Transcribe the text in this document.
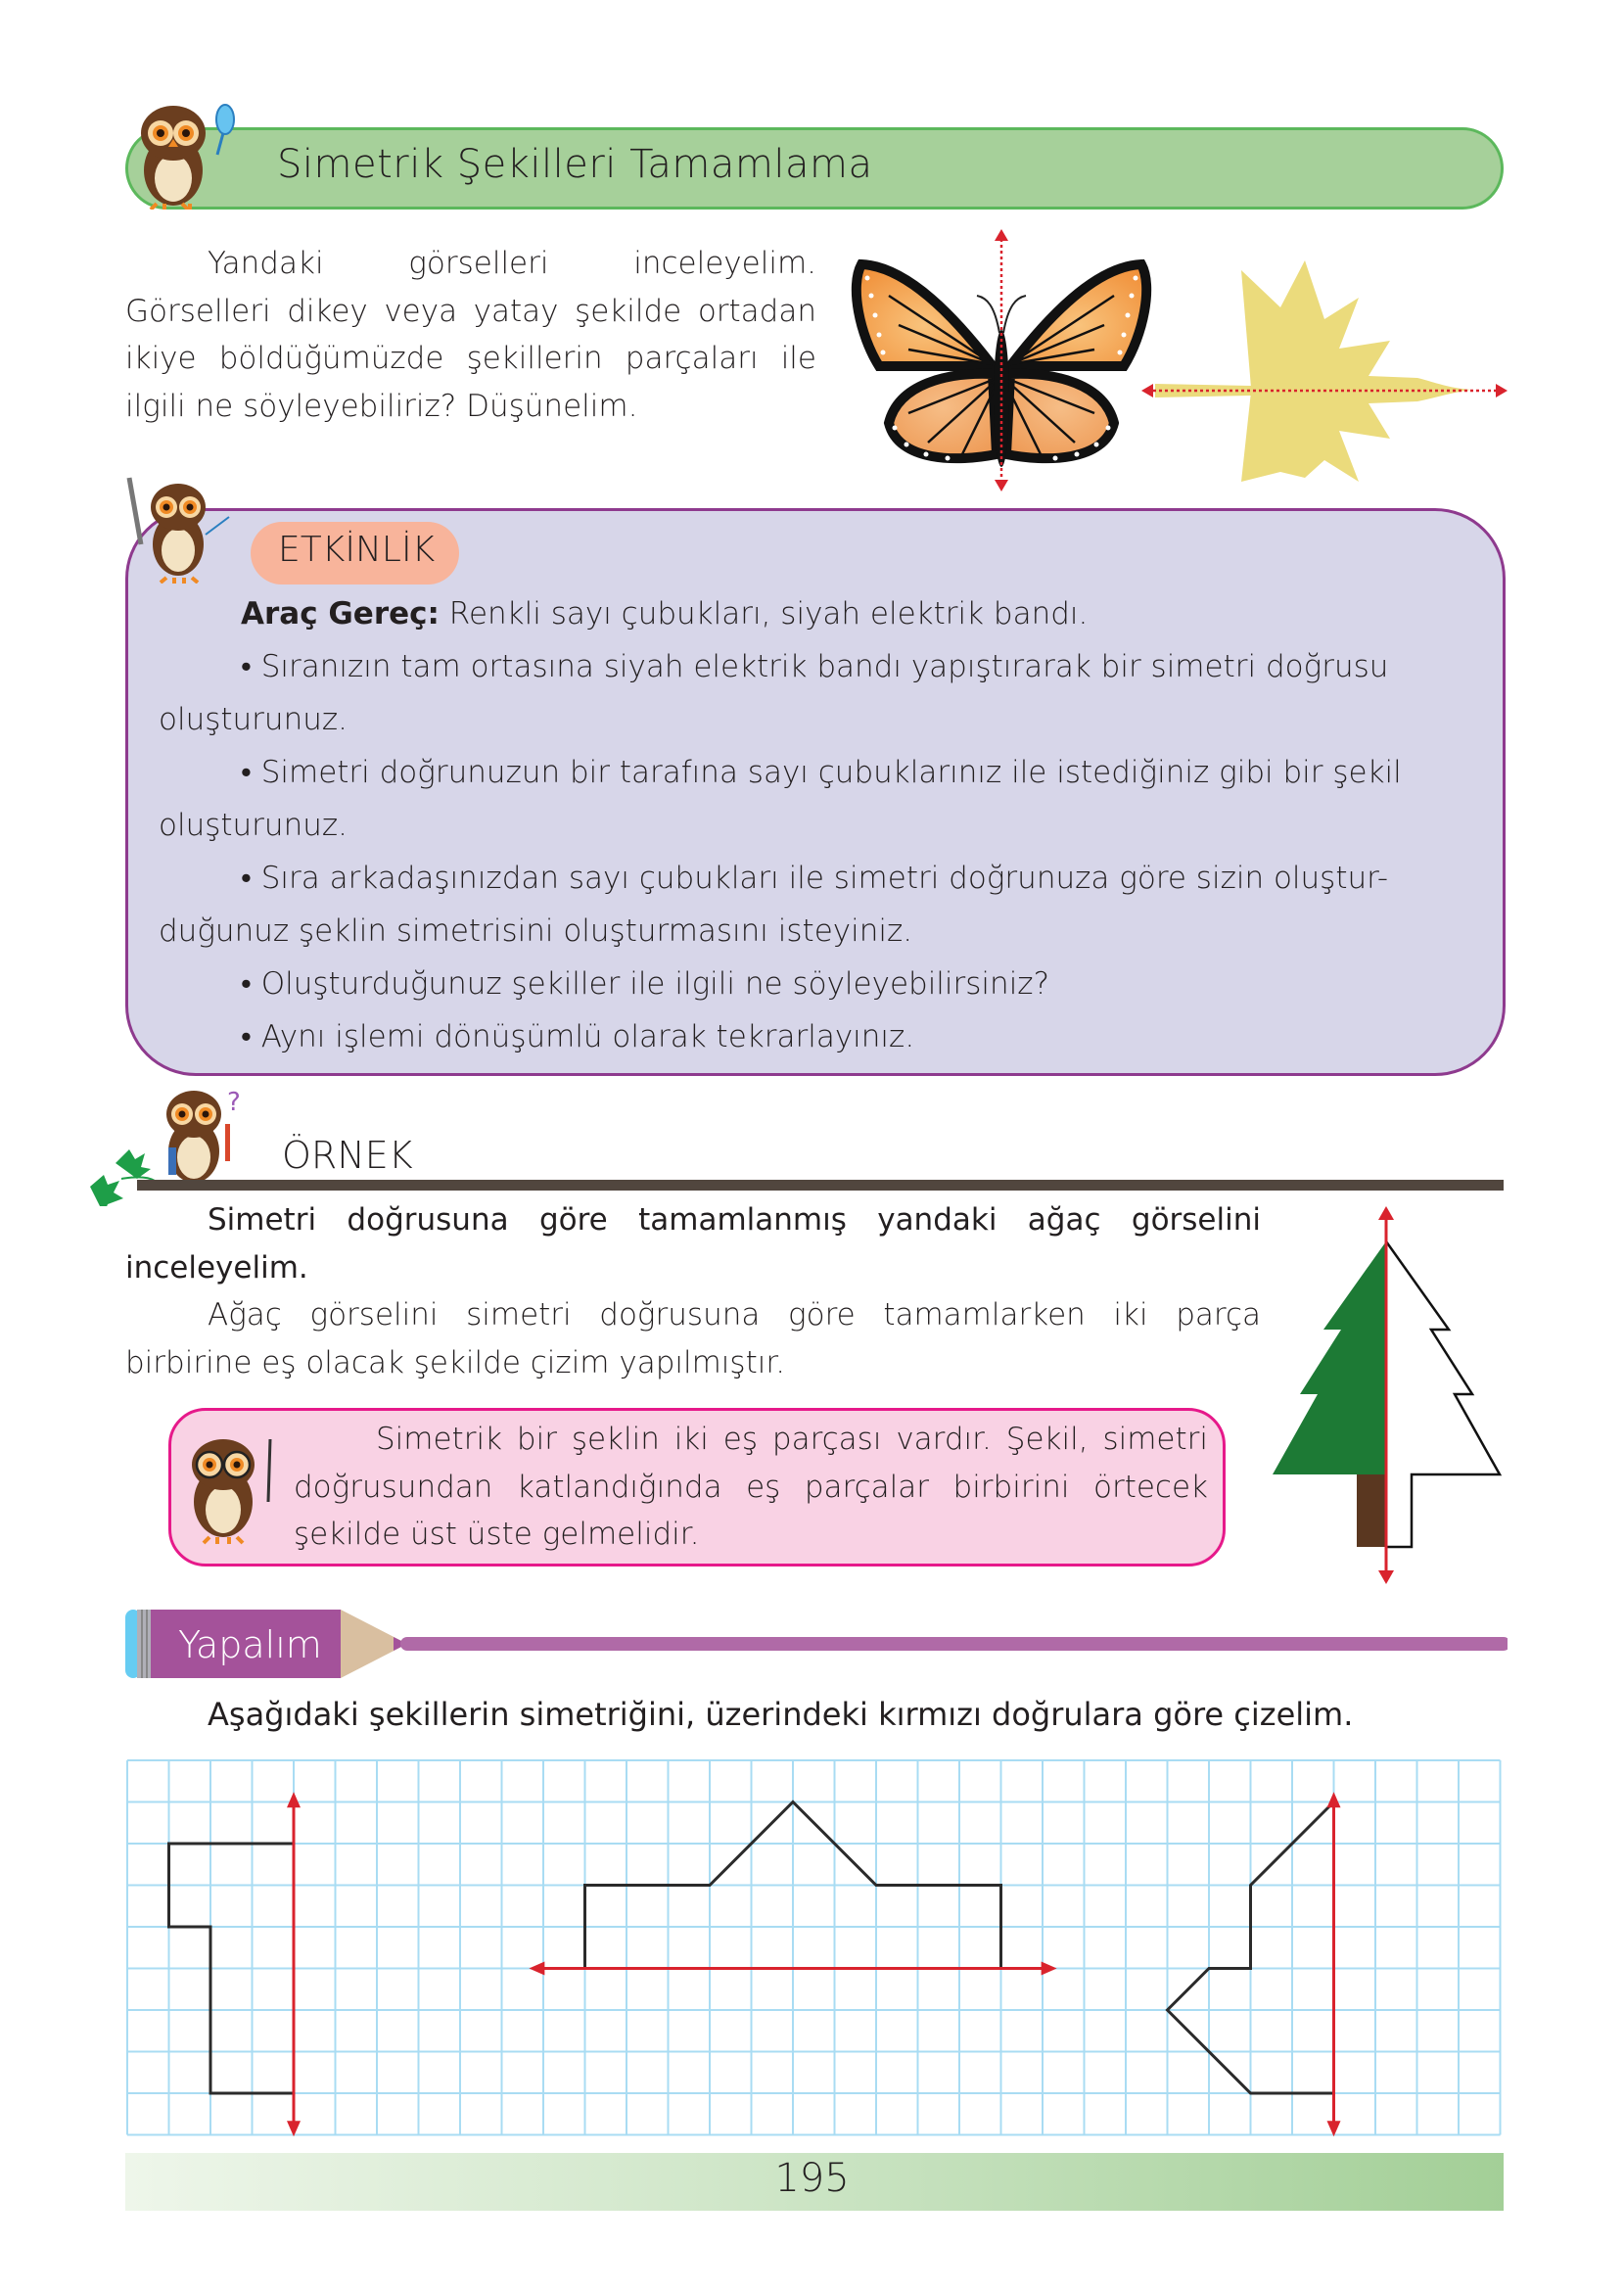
Simetrik Şekilleri Tamamlama
Yandaki görselleri inceleyelim. Görselleri dikey veya yatay şekilde ortadan ikiye böldüğümüzde şekillerin parçaları ile ilgili ne söyleyebiliriz? Düşünelim.
ETKİNLİK
Araç Gereç: Renkli sayı çubukları, siyah elektrik bandı.
• Sıranızın tam ortasına siyah elektrik bandı yapıştırarak bir simetri doğrusu
oluşturunuz.
• Simetri doğrunuzun bir tarafına sayı çubuklarınız ile istediğiniz gibi bir şekil
oluşturunuz.
• Sıra arkadaşınızdan sayı çubukları ile simetri doğrunuza göre sizin oluştur-
duğunuz şeklin simetrisini oluşturmasını isteyiniz.
• Oluşturduğunuz şekiller ile ilgili ne söyleyebilirsiniz?
• Aynı işlemi dönüşümlü olarak tekrarlayınız.
?
ÖRNEK
Simetri doğrusuna göre tamamlanmış yandaki ağaç görselini inceleyelim.
Ağaç görselini simetri doğrusuna göre tamamlarken iki parça birbirine eş olacak şekilde çizim yapılmıştır.
Simetrik bir şeklin iki eş parçası vardır. Şekil, simetri doğrusundan katlandığında eş parçalar birbirini örtecek şekilde üst üste gelmelidir.
Yapalım
Aşağıdaki şekillerin simetriğini, üzerindeki kırmızı doğrulara göre çizelim.
195
